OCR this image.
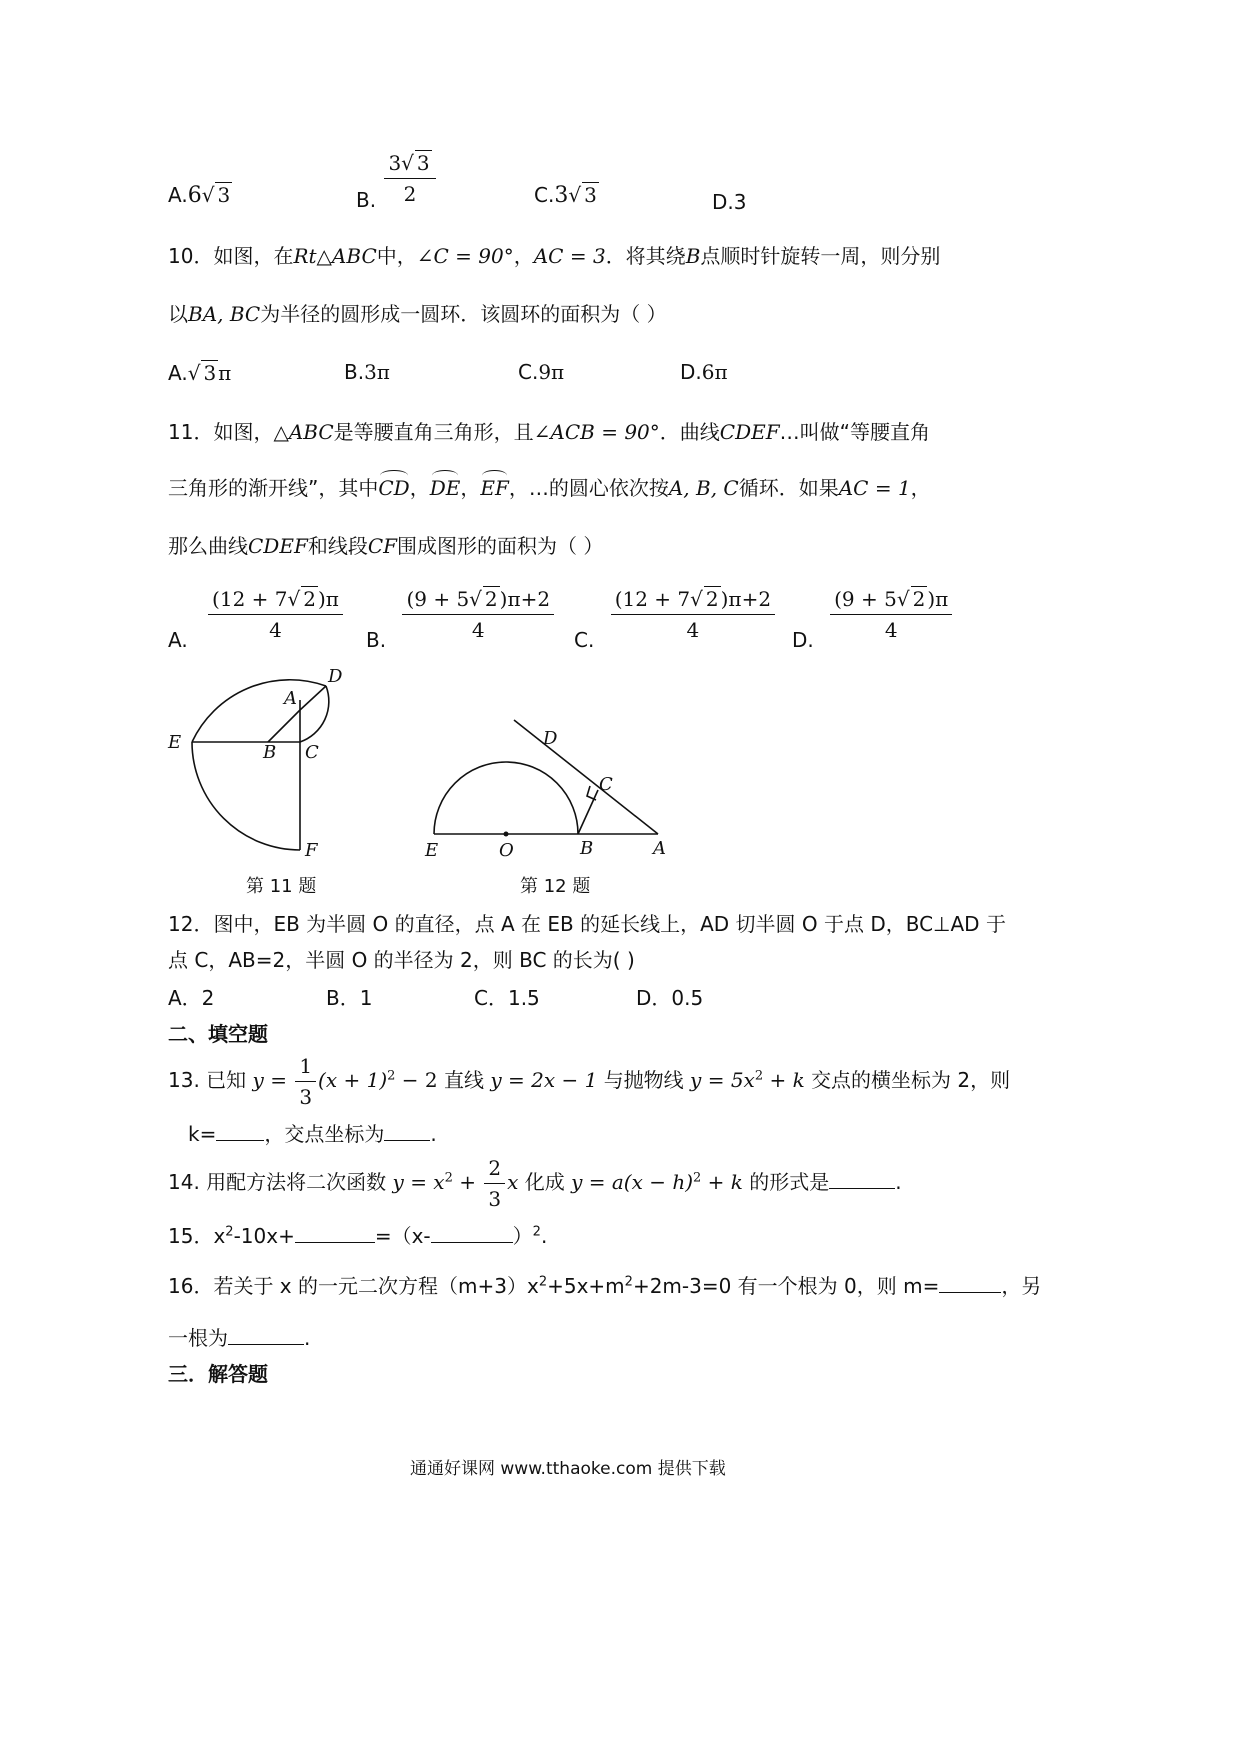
A.6√ 3	B. $\frac{3√ 3}{2}$	C.3√ 3	D.3
10．如图，在Rt△ABC中，∠C = 90°，AC = 3．将其绕B点顺时针旋转一周，则分别
以BA, BC为半径的圆形成一圆环．该圆环的面积为（ ）
A.√ 3 π	B.3π	C.9π	D.6π
11．如图，△ABC是等腰直角三角形，且∠ACB = 90°．曲线CDEF…叫做“等腰直角
三角形的渐开线”，其中CD，DE，EF，…的圆心依次按A, B, C循环．如果AC = 1，
那么曲线CDEF和线段CF围成图形的面积为（ ）
A. $\frac{(12 + 7√ 2 )\pi}{4} B$. $\frac{(9 + 5√ 2 )\pi+2}{4} C$. $\frac{(12 + 7√ 2 )\pi+2}{4} D$. $\frac{(9 + 5√ 2 )\pi}{4}$
A
B C
D
E
F	A
B
C
D
E	O
第 11 题	第 12 题
12．图中，EB 为半圆 O 的直径，点 A 在 EB 的延长线上，AD 切半圆 O 于点 D，BC⊥AD 于
点 C，AB=2，半圆 O 的半径为 2，则 BC 的长为( )
A．2	B．1	C．1.5	D．0.5
二、填空题
13. 已知 $y = \frac{1}{3} (x + 1)^2 - 2$ 直线 y = 2x − 1 与抛物线 $y = 5x^2 + k$ 交点的横坐标为 2，则
k= ，交点坐标为 .
14. 用配方法将二次函数 $y = x^2 + \frac{2}{3}$ x 化成 $y = a(x - h)^2 + k$ 的形式是	.
15．$x^2-10x+$	=（x-	）$^2$.
16．若关于 x 的一元二次方程$(m+3)x^2+5x+m^2+2m-3=0$ 有一个根为 0，则 m=	，另
一根为	.
三．解答题
通通好课网 www.tthaoke.com 提供下载
